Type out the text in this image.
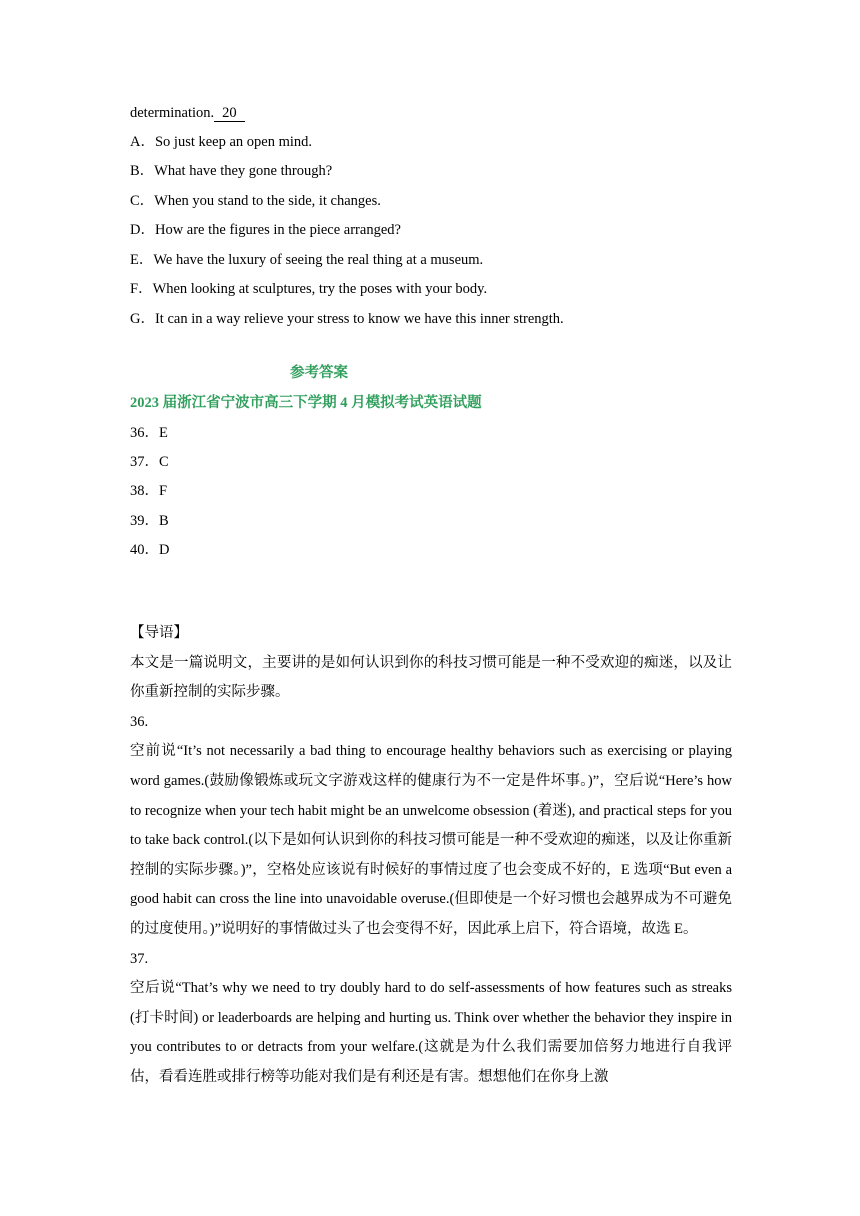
determination. 20
A．So just keep an open mind.
B．What have they gone through?
C．When you stand to the side, it changes.
D．How are the figures in the piece arranged?
E．We have the luxury of seeing the real thing at a museum.
F．When looking at sculptures, try the poses with your body.
G．It can in a way relieve your stress to know we have this inner strength.
参考答案
2023 届浙江省宁波市高三下学期 4 月模拟考试英语试题
36．E
37．C
38．F
39．B
40．D

【导语】

本文是一篇说明文，主要讲的是如何认识到你的科技习惯可能是一种不受欢迎的痴迷，以及让你重新控制的实际步骤。

36.

空前说“It’s not necessarily a bad thing to encourage healthy behaviors such as exercising or playing word games.(鼓励像锻炼或玩文字游戏这样的健康行为不一定是件坏事。)”，空后说“Here’s how to recognize when your tech habit might be an unwelcome obsession (着迷), and practical steps for you to take back control.(以下是如何认识到你的科技习惯可能是一种不受欢迎的痴迷，以及让你重新控制的实际步骤。)”，空格处应该说有时候好的事情过度了也会变成不好的，E 选项“But even a good habit can cross the line into unavoidable overuse.(但即使是一个好习惯也会越界成为不可避免的过度使用。)”说明好的事情做过头了也会变得不好，因此承上启下，符合语境，故选 E。

37.

空后说“That’s why we need to try doubly hard to do self-assessments of how features such as streaks (打卡时间) or leaderboards are helping and hurting us. Think over whether the behavior they inspire in you contributes to or detracts from your welfare.(这就是为什么我们需要加倍努力地进行自我评估，看看连胜或排行榜等功能对我们是有利还是有害。想想他们在你身上激
